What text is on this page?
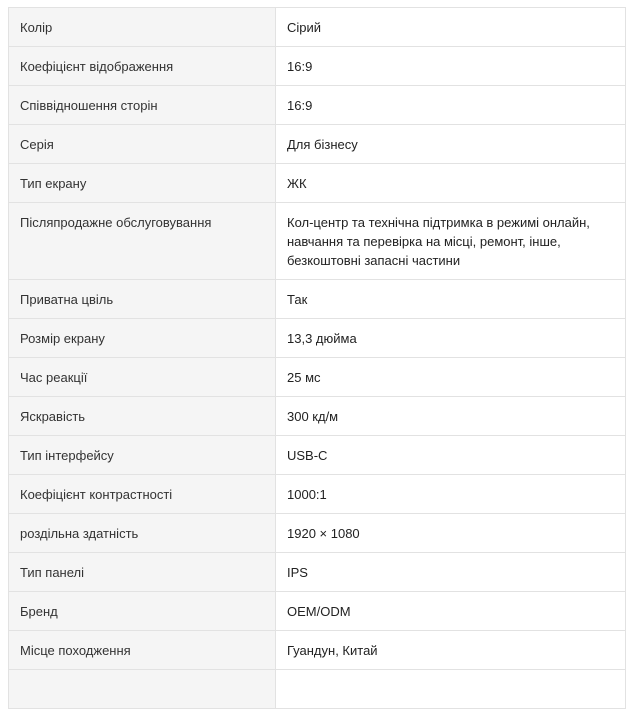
Колір	Сірий
Коефіцієнт відображення	16:9
Співвідношення сторін	16:9
Серія	Для бізнесу
Тип екрану	ЖК
Післяпродажне обслуговування	Кол-центр та технічна підтримка в режимі онлайн, навчання та перевірка на місці, ремонт, інше, безкоштовні запасні частини
Приватна цвіль	Так
Розмір екрану	13,3 дюйма
Час реакції	25 мс
Яскравість	300 кд/м
Тип інтерфейсу	USB-C
Коефіцієнт контрастності	1000:1
роздільна здатність	1920 × 1080
Тип панелі	IPS
Бренд	OEM/ODM
Місце походження	Гуандун, Китай
